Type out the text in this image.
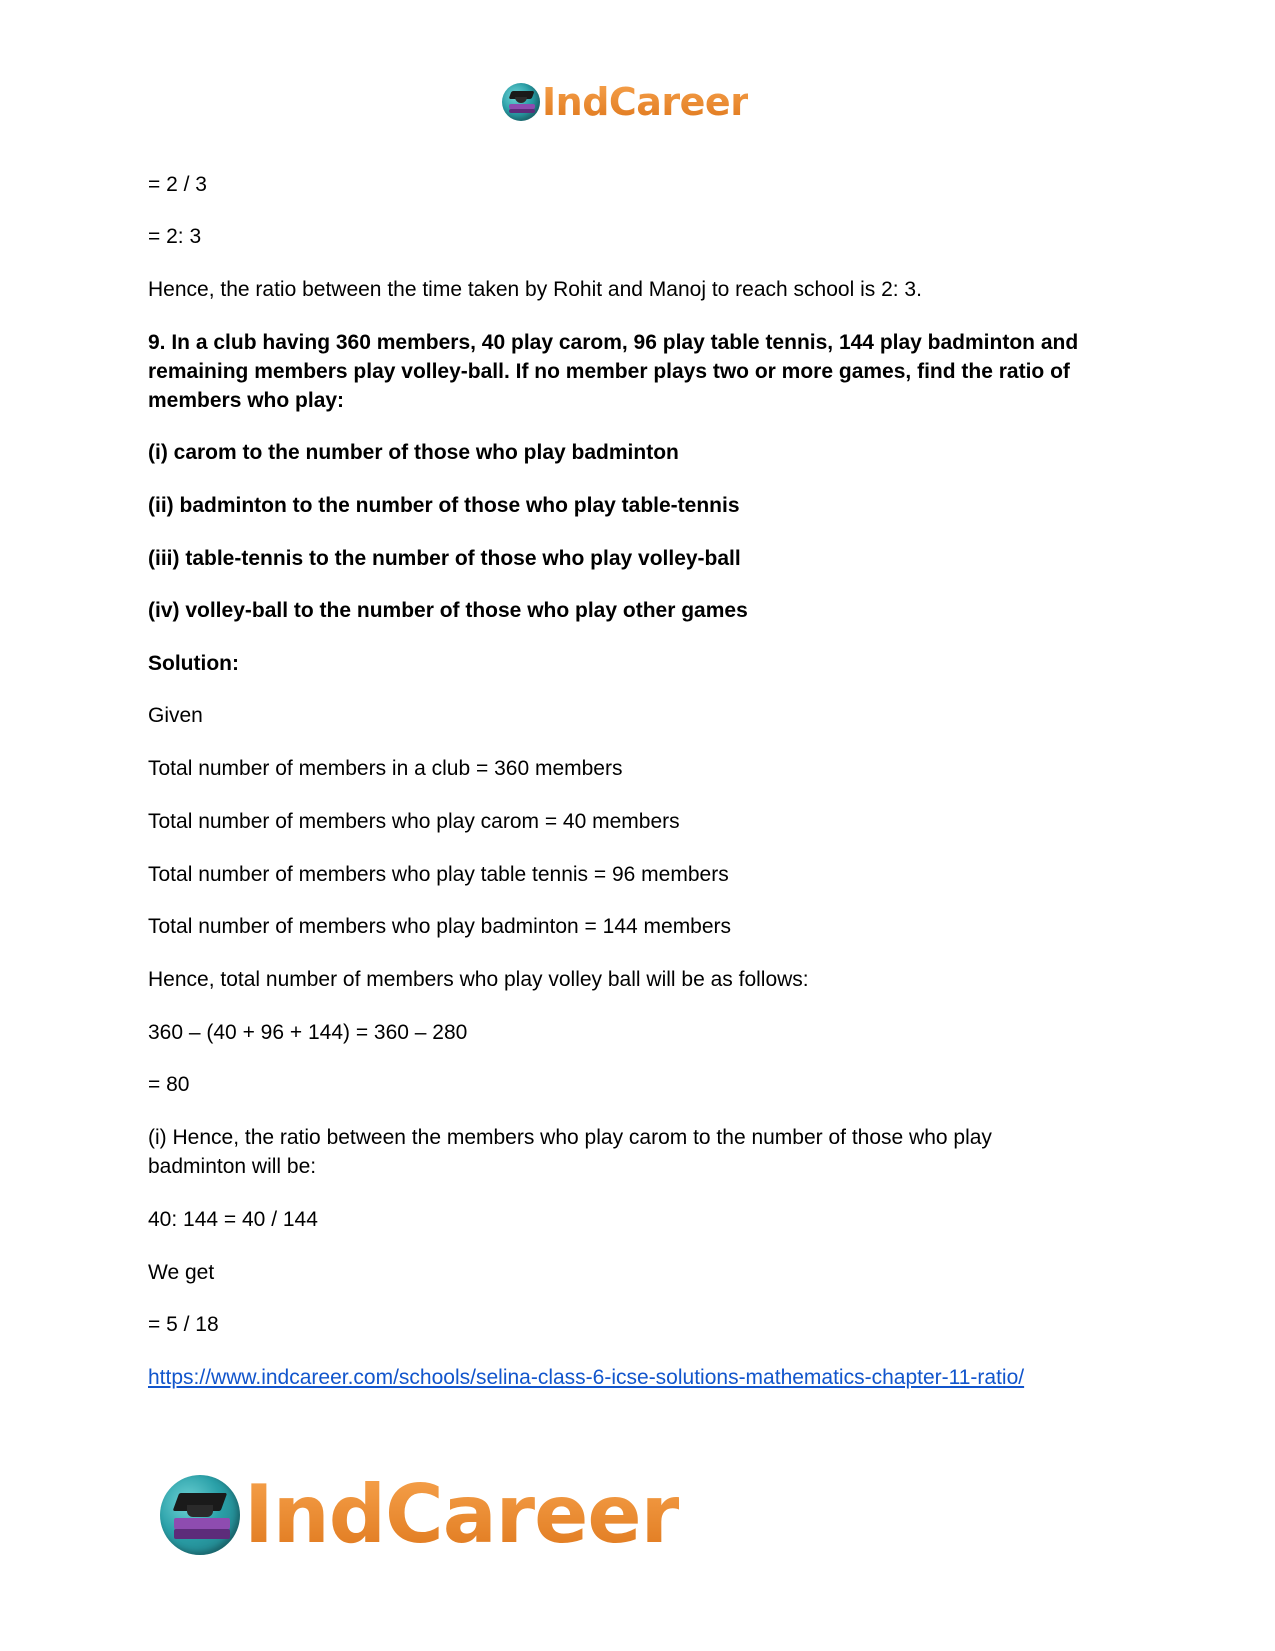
IndCareer

= 2 / 3

= 2: 3

Hence, the ratio between the time taken by Rohit and Manoj to reach school is 2: 3.

9. In a club having 360 members, 40 play carom, 96 play table tennis, 144 play badminton and remaining members play volley-ball. If no member plays two or more games, find the ratio of members who play:

(i) carom to the number of those who play badminton

(ii) badminton to the number of those who play table-tennis

(iii) table-tennis to the number of those who play volley-ball

(iv) volley-ball to the number of those who play other games

Solution:

Given

Total number of members in a club = 360 members

Total number of members who play carom = 40 members

Total number of members who play table tennis = 96 members

Total number of members who play badminton = 144 members

Hence, total number of members who play volley ball will be as follows:

360 – (40 + 96 + 144) = 360 – 280

= 80

(i) Hence, the ratio between the members who play carom to the number of those who play badminton will be:

40: 144 = 40 / 144

We get

= 5 / 18

https://www.indcareer.com/schools/selina-class-6-icse-solutions-mathematics-chapter-11-ratio/
IndCareer
